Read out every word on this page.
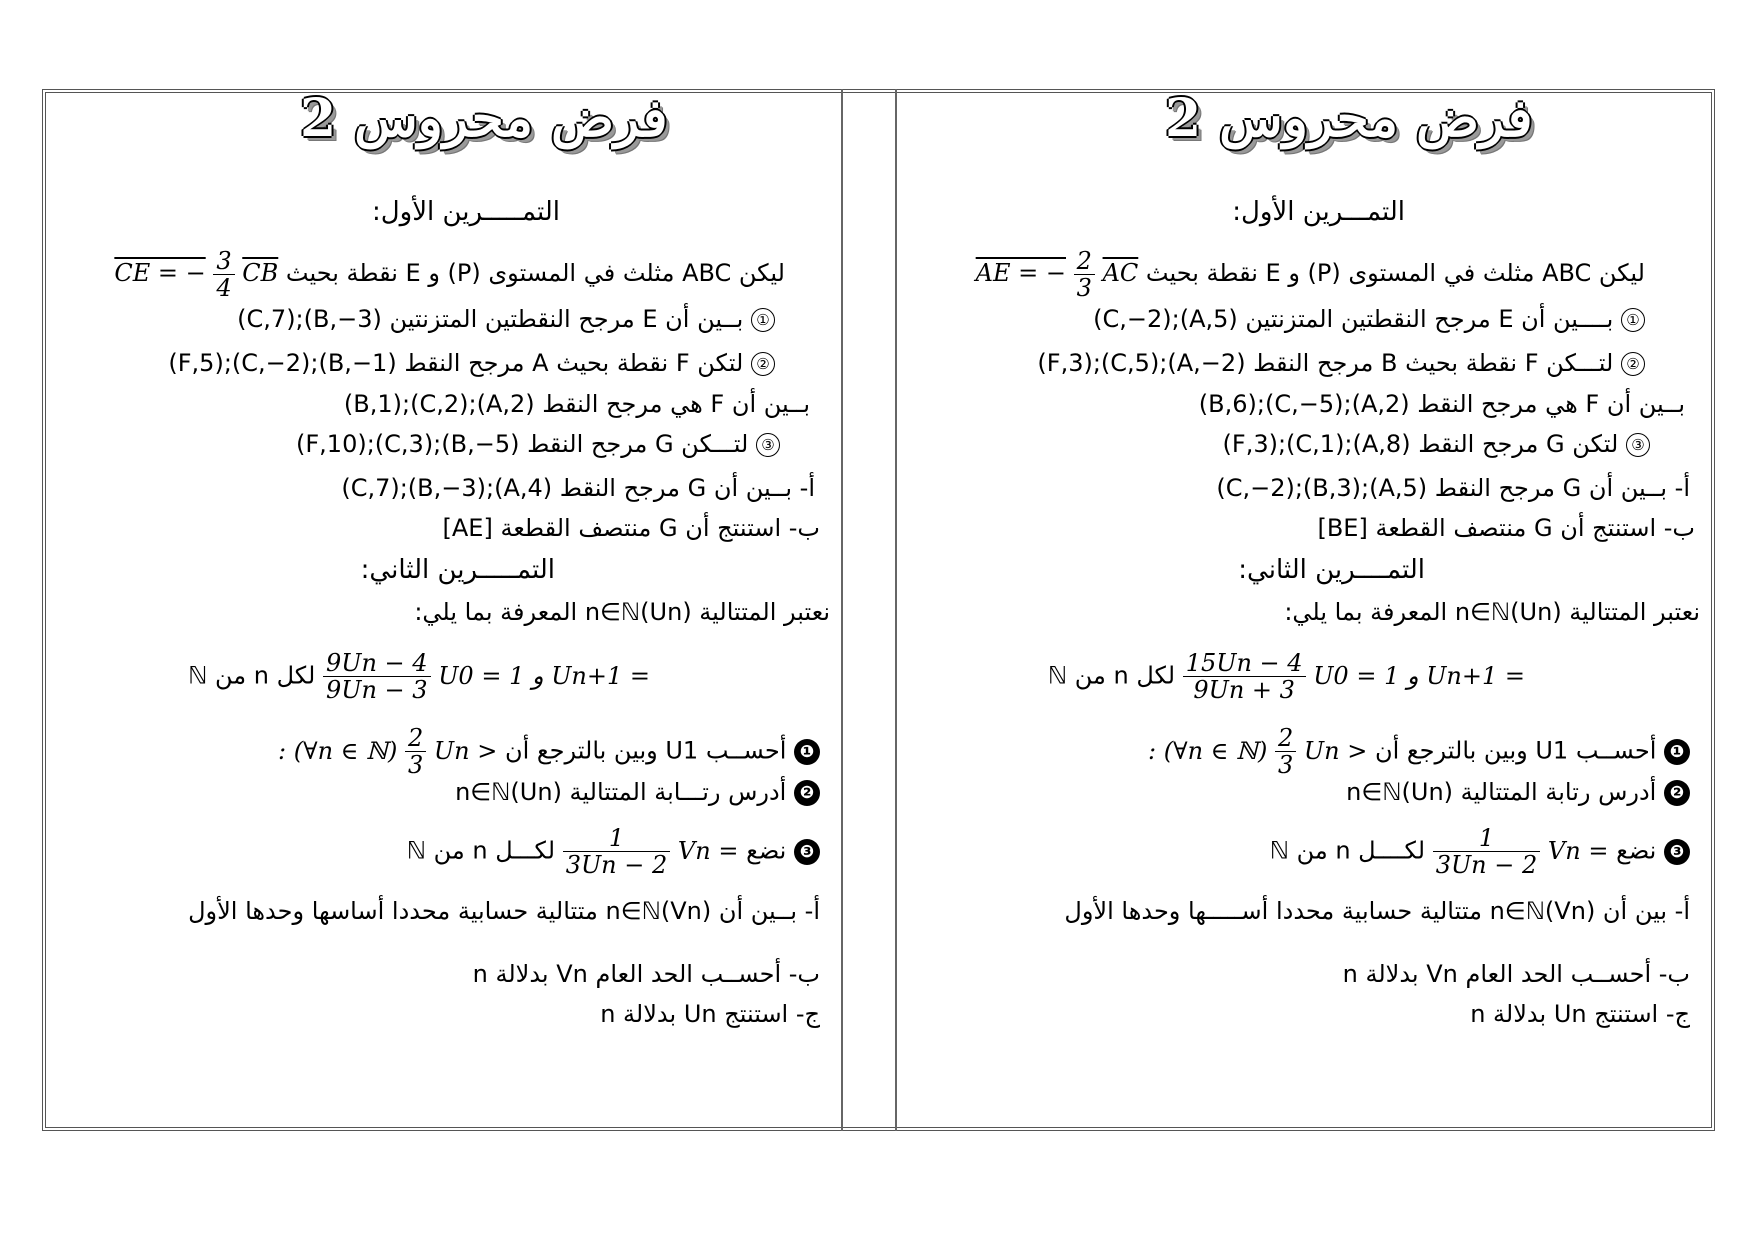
فرض محروس 2
التمـــــرين الأول:
ليكن ABC مثلث في المستوى (P) و E نقطة بحيث CE = − $\frac{3}{4} \overline{CB}$
① بــين أن E مرجح النقطتين المتزنتين (B,−3);(C,7)
② لتكن F نقطة بحيث A مرجح النقط (B,−1);(C,−2);(F,5)
بــين أن F هي مرجح النقط (A,2);(C,2);(B,1)
③ لتـــكن G مرجح النقط (B,−5);(C,3);(F,10)
أ‌- بــين أن G مرجح النقط (A,4);(B,−3);(C,7)
ب‌- استنتج أن G منتصف القطعة [AE]
التمـــــرين الثاني:
نعتبر المتتالية (Un)n∈ℕ المعرفة بما يلي:
U0 = 1 و Un+1 =
$\frac{9Un - 4}{9Un - 3}$
لكل n من ℕ
❶ أحســب U1 وبين بالترجع أن Un >
$\frac{2}{3}$
: (∀n ∈ ℕ)
❷ أدرس رتـــابة المتتالية (Un)n∈ℕ
❸ نضع Vn =
$\frac{1}{3Un - 2}$
لكـــل n من ℕ
أ‌- بــين أن (Vn)n∈ℕ متتالية حسابية محددا أساسها وحدها الأول
ب‌- أحســب الحد العام Vn بدلالة n
ج‌- استنتج Un بدلالة n
فرض محروس 2
التمـــرين الأول:
ليكن ABC مثلث في المستوى (P) و E نقطة بحيث AE = − $\frac{2}{3} \overline{AC}$
① بــــين أن E مرجح النقطتين المتزنتين (A,5);(C,−2)
② لتـــكن F نقطة بحيث B مرجح النقط (A,−2);(C,5);(F,3)
بــين أن F هي مرجح النقط (A,2);(C,−5);(B,6)
③ لتكن G مرجح النقط (A,8);(C,1);(F,3)
أ‌- بــين أن G مرجح النقط (A,5);(B,3);(C,−2)
ب‌- استنتج أن G منتصف القطعة [BE]
التمــــرين الثاني:
نعتبر المتتالية (Un)n∈ℕ المعرفة بما يلي:
U0 = 1 و Un+1 =
$\frac{15Un - 4}{9Un + 3}$
لكل n من ℕ
❶ أحســب U1 وبين بالترجع أن Un >
$\frac{2}{3}$
: (∀n ∈ ℕ)
❷ أدرس رتابة المتتالية (Un)n∈ℕ
❸ نضع Vn =
$\frac{1}{3Un - 2}$
لكــــل n من ℕ
أ‌- بين أن (Vn)n∈ℕ متتالية حسابية محددا أســـــها وحدها الأول
ب‌- أحســب الحد العام Vn بدلالة n
ج‌- استنتج Un بدلالة n
